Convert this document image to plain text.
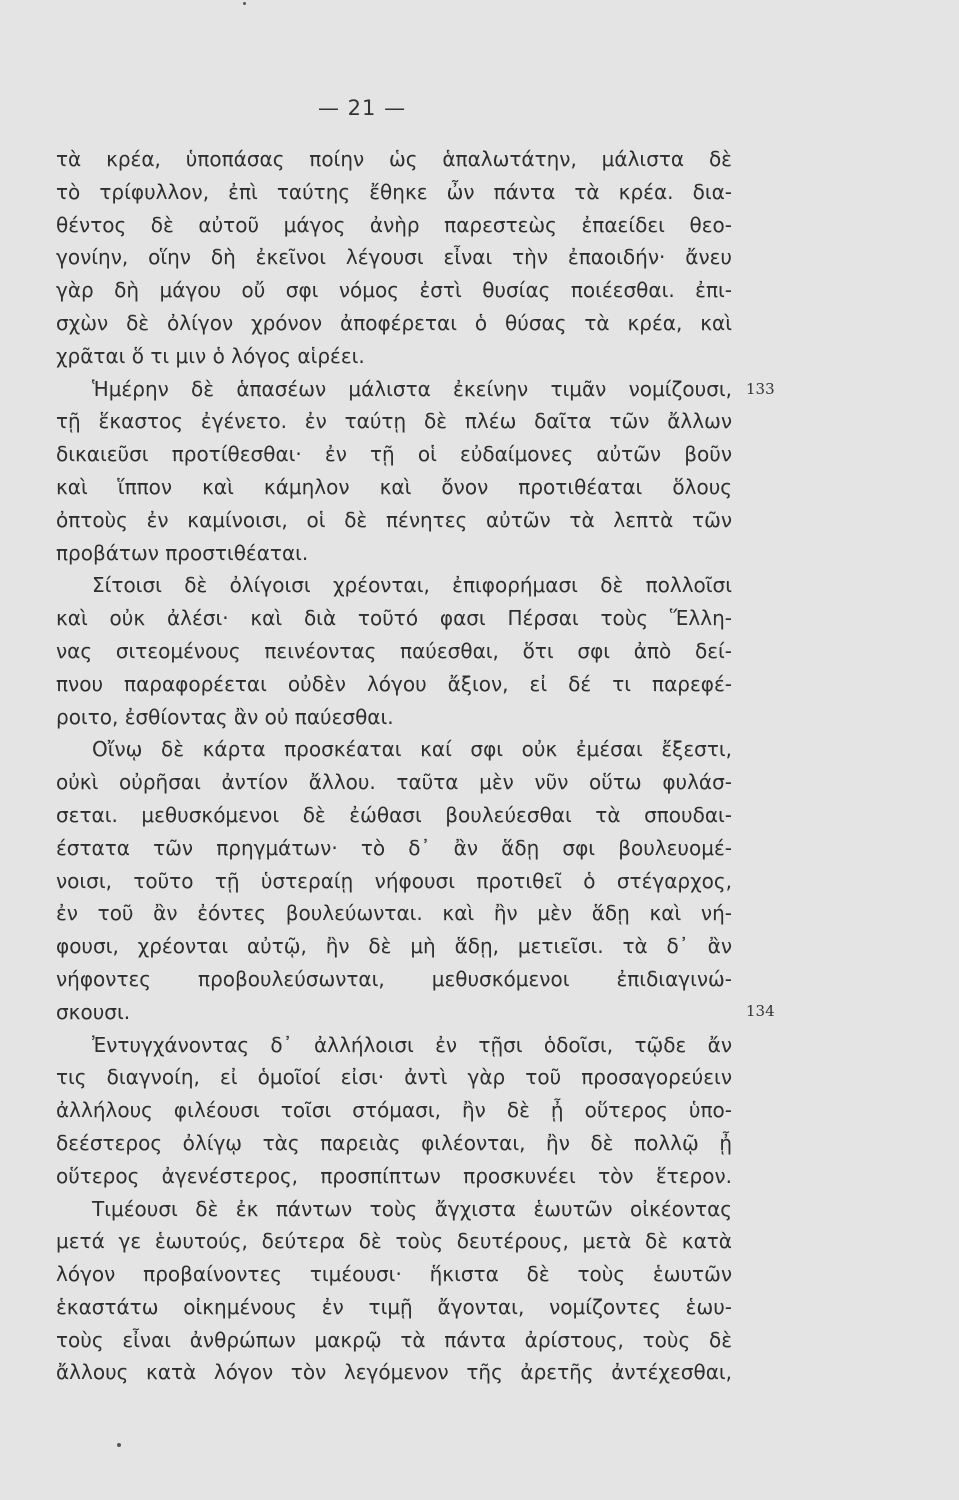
— 21 —
133
134
τὰ κρέα, ὑποπάσας ποίην ὡς ἁπαλωτάτην, μάλιστα δὲ
τὸ τρίφυλλον, ἐπὶ ταύτης ἔθηκε ὦν πάντα τὰ κρέα. δια-
θέντος δὲ αὐτοῦ μάγος ἀνὴρ παρεστεὼς ἐπαείδει θεο-
γονίην, οἵην δὴ ἐκεῖνοι λέγουσι εἶναι τὴν ἐπαοιδήν· ἄνευ
γὰρ δὴ μάγου οὔ σφι νόμος ἐστὶ θυσίας ποιέεσθαι. ἐπι-
σχὼν δὲ ὀλίγον χρόνον ἀποφέρεται ὁ θύσας τὰ κρέα, καὶ
χρᾶται ὅ τι μιν ὁ λόγος αἱρέει.
Ἡμέρην δὲ ἁπασέων μάλιστα ἐκείνην τιμᾶν νομίζουσι,
τῇ ἕκαστος ἐγένετο. ἐν ταύτῃ δὲ πλέω δαῖτα τῶν ἄλλων
δικαιεῦσι προτίθεσθαι· ἐν τῇ οἱ εὐδαίμονες αὐτῶν βοῦν
καὶ ἵππον καὶ κάμηλον καὶ ὄνον προτιθέαται ὅλους
ὀπτοὺς ἐν καμίνοισι, οἱ δὲ πένητες αὐτῶν τὰ λεπτὰ τῶν
προβάτων προστιθέαται.
Σίτοισι δὲ ὀλίγοισι χρέονται, ἐπιφορήμασι δὲ πολλοῖσι
καὶ οὐκ ἀλέσι· καὶ διὰ τοῦτό φασι Πέρσαι τοὺς Ἕλλη-
νας σιτεομένους πεινέοντας παύεσθαι, ὅτι σφι ἀπὸ δεί-
πνου παραφορέεται οὐδὲν λόγου ἄξιον, εἰ δέ τι παρεφέ-
ροιτο, ἐσθίοντας ἂν οὐ παύεσθαι.
Οἴνῳ δὲ κάρτα προσκέαται καί σφι οὐκ ἐμέσαι ἔξεστι,
οὐκὶ οὐρῆσαι ἀντίον ἄλλου. ταῦτα μὲν νῦν οὕτω φυλάσ-
σεται. μεθυσκόμενοι δὲ ἐώθασι βουλεύεσθαι τὰ σπουδαι-
έστατα τῶν πρηγμάτων· τὸ δ᾽ ἂν ἅδῃ σφι βουλευομέ-
νοισι, τοῦτο τῇ ὑστεραίῃ νήφουσι προτιθεῖ ὁ στέγαρχος,
ἐν τοῦ ἂν ἐόντες βουλεύωνται. καὶ ἢν μὲν ἅδῃ καὶ νή-
φουσι, χρέονται αὐτῷ, ἢν δὲ μὴ ἅδῃ, μετιεῖσι. τὰ δ᾽ ἂν
νήφοντες προβουλεύσωνται, μεθυσκόμενοι ἐπιδιαγινώ-
σκουσι.
Ἐντυγχάνοντας δ᾽ ἀλλήλοισι ἐν τῇσι ὁδοῖσι, τῷδε ἄν
τις διαγνοίη, εἰ ὁμοῖοί εἰσι· ἀντὶ γὰρ τοῦ προσαγορεύειν
ἀλλήλους φιλέουσι τοῖσι στόμασι, ἢν δὲ ᾖ οὕτερος ὑπο-
δεέστερος ὀλίγῳ τὰς παρειὰς φιλέονται, ἢν δὲ πολλῷ ᾖ
οὕτερος ἀγενέστερος, προσπίπτων προσκυνέει τὸν ἕτερον.
Τιμέουσι δὲ ἐκ πάντων τοὺς ἄγχιστα ἑωυτῶν οἰκέοντας
μετά γε ἑωυτούς, δεύτερα δὲ τοὺς δευτέρους, μετὰ δὲ κατὰ
λόγον προβαίνοντες τιμέουσι· ἥκιστα δὲ τοὺς ἑωυτῶν
ἑκαστάτω οἰκημένους ἐν τιμῇ ἄγονται, νομίζοντες ἑωυ-
τοὺς εἶναι ἀνθρώπων μακρῷ τὰ πάντα ἀρίστους, τοὺς δὲ
ἄλλους κατὰ λόγον τὸν λεγόμενον τῆς ἀρετῆς ἀντέχεσθαι,
